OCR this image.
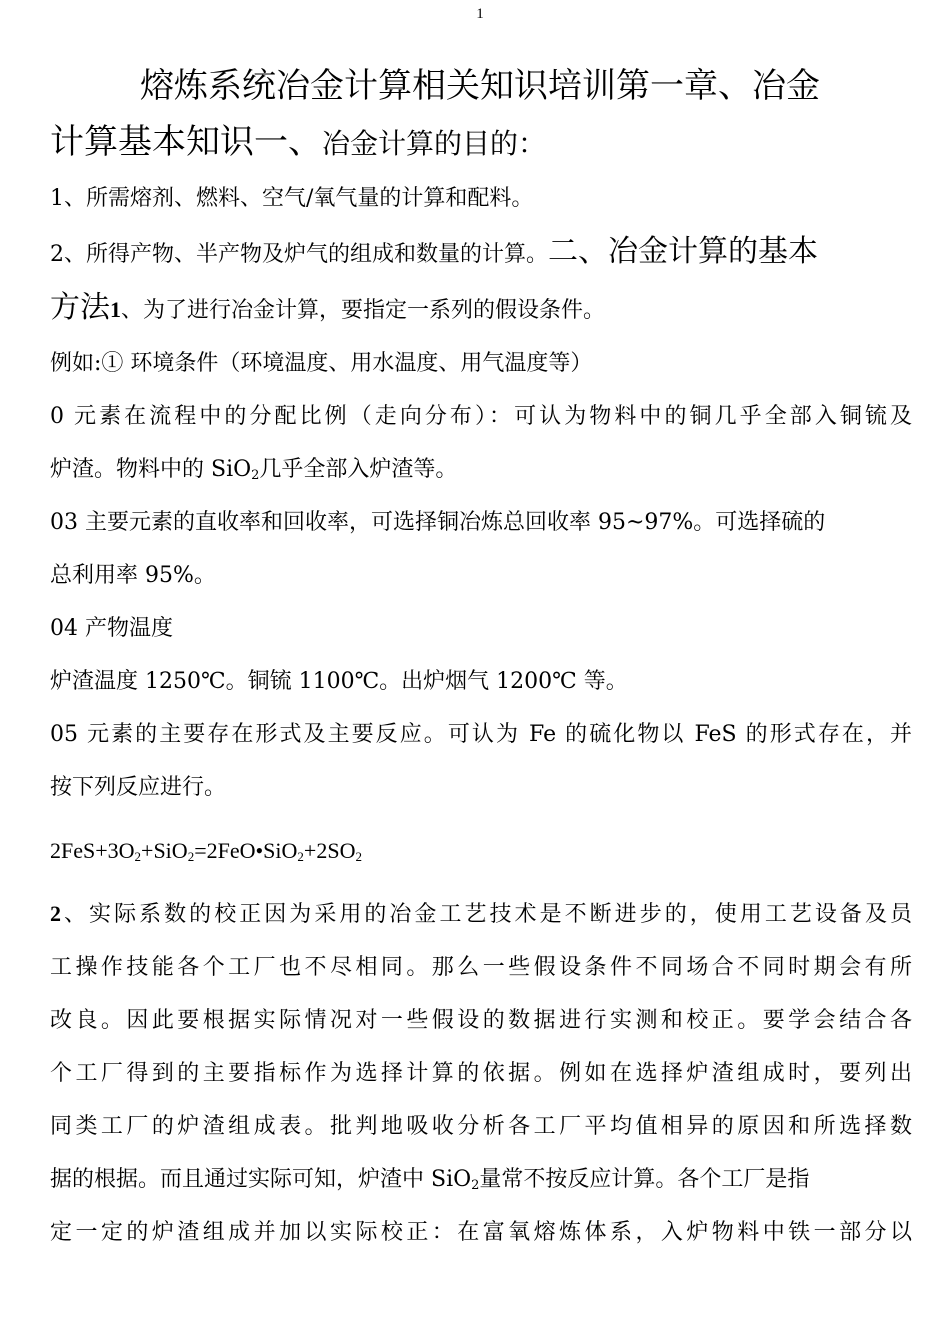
1

熔炼系统冶金计算相关知识培训第一章、冶金

计算基本知识一、冶金计算的目的：

1、所需熔剂、燃料、空气/氧气量的计算和配料。

2、所得产物、半产物及炉气的组成和数量的计算。二、冶金计算的基本

方法1、为了进行冶金计算，要指定一系列的假设条件。

例如:① 环境条件（环境温度、用水温度、用气温度等）

0 元素在流程中的分配比例（走向分布）：可认为物料中的铜几乎全部入铜锍及

炉渣。物料中的 SiO$_2$几乎全部入炉渣等。

03 主要元素的直收率和回收率，可选择铜冶炼总回收率 95~97%。可选择硫的

总利用率 95%。

04 产物温度

炉渣温度 1250℃。铜锍 1100℃。出炉烟气 1200℃ 等。

05 元素的主要存在形式及主要反应。可认为 Fe 的硫化物以 FeS 的形式存在，并

按下列反应进行。

$2FeS+3O_2+SiO_2=2FeO•SiO_2+2SO_2$

2、实际系数的校正因为采用的冶金工艺技术是不断进步的，使用工艺设备及员

工操作技能各个工厂也不尽相同。那么一些假设条件不同场合不同时期会有所

改良。因此要根据实际情况对一些假设的数据进行实测和校正。要学会结合各

个工厂得到的主要指标作为选择计算的依据。例如在选择炉渣组成时，要列出

同类工厂的炉渣组成表。批判地吸收分析各工厂平均值相异的原因和所选择数

据的根据。而且通过实际可知，炉渣中 SiO$_2$量常不按反应计算。各个工厂是指

定一定的炉渣组成并加以实际校正：在富氧熔炼体系，入炉物料中铁一部分以
